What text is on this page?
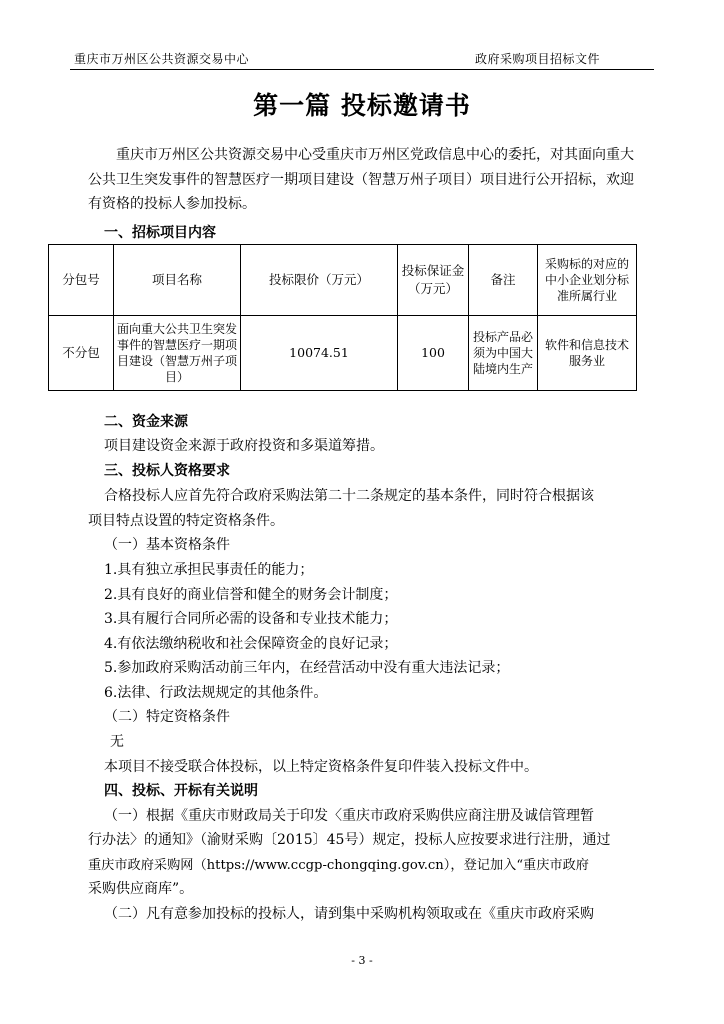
重庆市万州区公共资源交易中心	政府采购项目招标文件
第一篇 投标邀请书
重庆市万州区公共资源交易中心受重庆市万州区党政信息中心的委托，对其面向重大公共卫生突发事件的智慧医疗一期项目建设（智慧万州子项目）项目进行公开招标，欢迎有资格的投标人参加投标。
一、招标项目内容
分包号	项目名称	投标限价（万元）	投标保证金（万元）	备注	采购标的对应的中小企业划分标准所属行业
不分包	面向重大公共卫生突发事件的智慧医疗一期项目建设（智慧万州子项目）	10074.51	100	投标产品必须为中国大陆境内生产	软件和信息技术服务业
二、资金来源
项目建设资金来源于政府投资和多渠道筹措。
三、投标人资格要求
合格投标人应首先符合政府采购法第二十二条规定的基本条件，同时符合根据该
项目特点设置的特定资格条件。
（一）基本资格条件
1.具有独立承担民事责任的能力；
2.具有良好的商业信誉和健全的财务会计制度；
3.具有履行合同所必需的设备和专业技术能力；
4.有依法缴纳税收和社会保障资金的良好记录；
5.参加政府采购活动前三年内，在经营活动中没有重大违法记录；
6.法律、行政法规规定的其他条件。
（二）特定资格条件
无
本项目不接受联合体投标，以上特定资格条件复印件装入投标文件中。
四、投标、开标有关说明
（一）根据《重庆市财政局关于印发〈重庆市政府采购供应商注册及诚信管理暂
行办法〉的通知》（渝财采购〔2015〕45号）规定，投标人应按要求进行注册，通过
重庆市政府采购网（https://www.ccgp-chongqing.gov.cn），登记加入“重庆市政府
采购供应商库”。
（二）凡有意参加投标的投标人，请到集中采购机构领取或在《重庆市政府采购
- 3 -
